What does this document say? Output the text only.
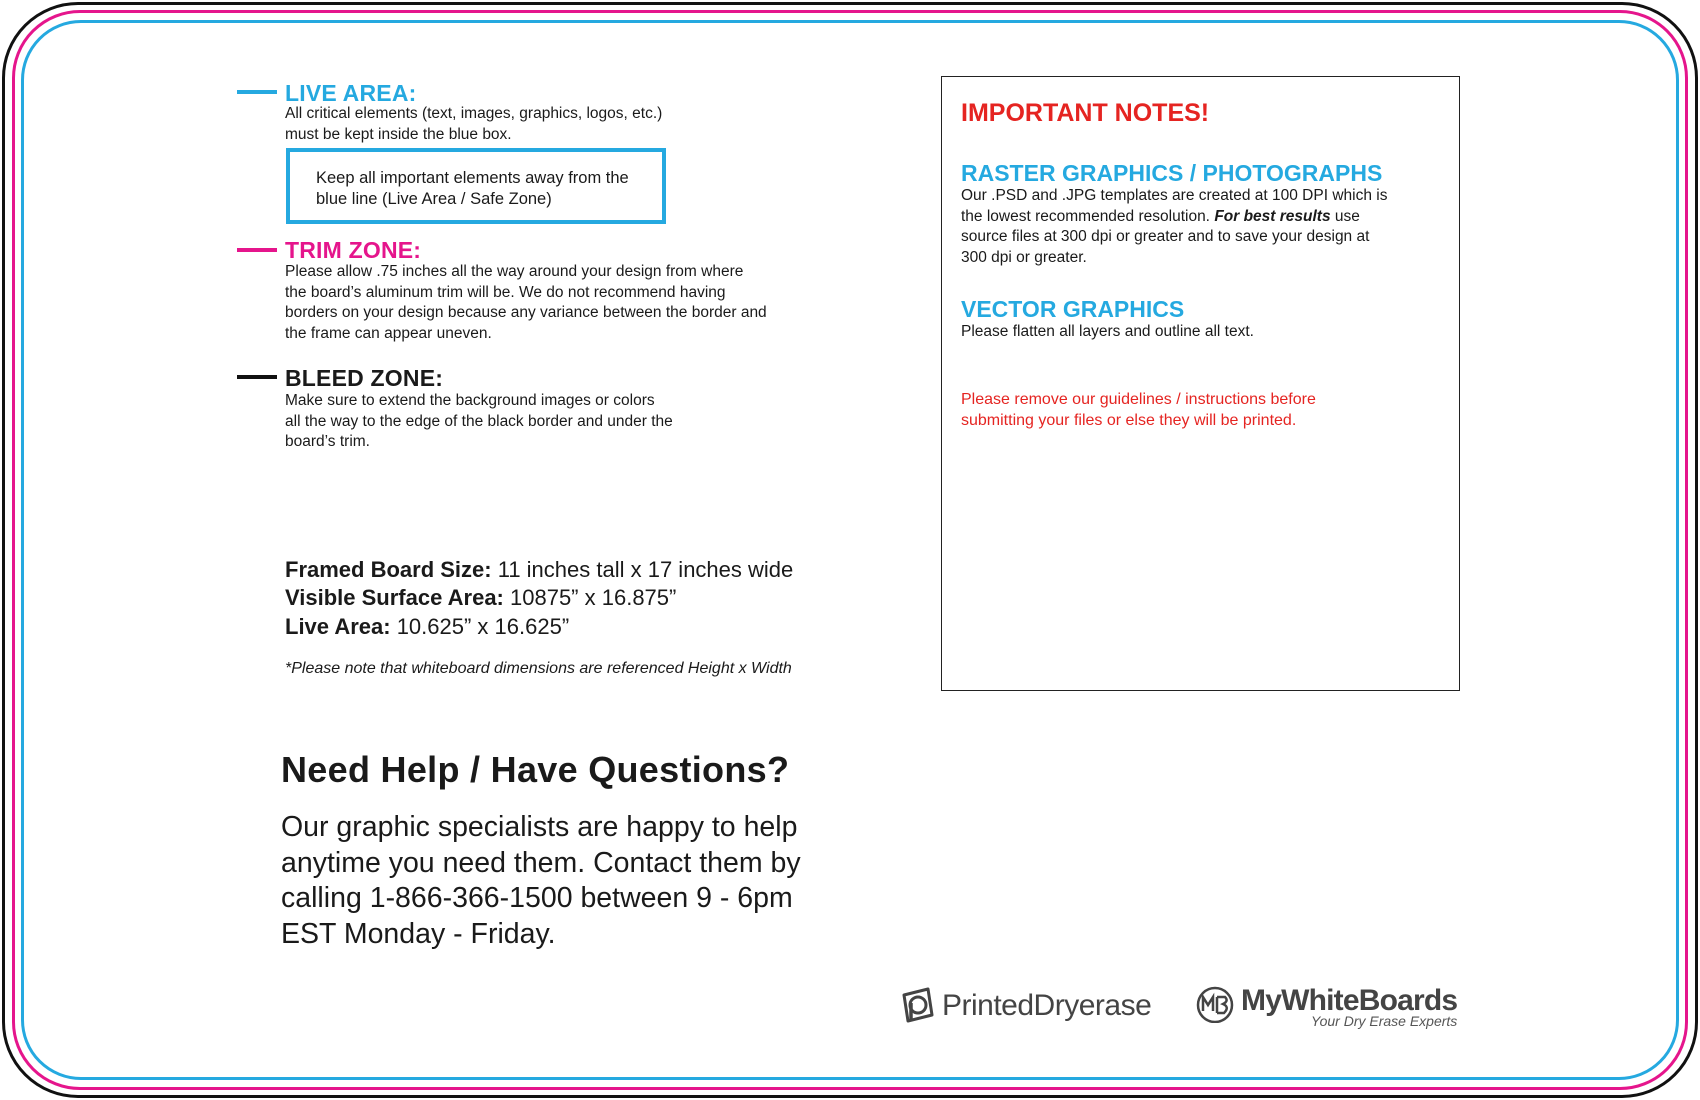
LIVE AREA:
All critical elements (text, images, graphics, logos, etc.)
must be kept inside the blue box.
Keep all important elements away from the
blue line (Live Area / Safe Zone)
TRIM ZONE:
Please allow .75 inches all the way around your design from where
the board’s aluminum trim will be. We do not recommend having
borders on your design because any variance between the border and
the frame can appear uneven.
BLEED ZONE:
Make sure to extend the background images or colors
all the way to the edge of the black border and under the
board’s trim.
Framed Board Size: 11 inches tall x 17 inches wide
Visible Surface Area: 10875” x 16.875”
Live Area: 10.625” x 16.625”
*Please note that whiteboard dimensions are referenced Height x Width
Need Help / Have Questions?
Our graphic specialists are happy to help
anytime you need them. Contact them by
calling 1-866-366-1500 between 9 - 6pm
EST Monday - Friday.
IMPORTANT NOTES!
RASTER GRAPHICS / PHOTOGRAPHS
Our .PSD and .JPG templates are created at 100 DPI which is
the lowest recommended resolution. For best results use
source files at 300 dpi or greater and to save your design at
300 dpi or greater.
VECTOR GRAPHICS
Please flatten all layers and outline all text.
Please remove our guidelines / instructions before
submitting your files or else they will be printed.
PrintedDryerase	MyWhiteBoards
Your Dry Erase Experts
